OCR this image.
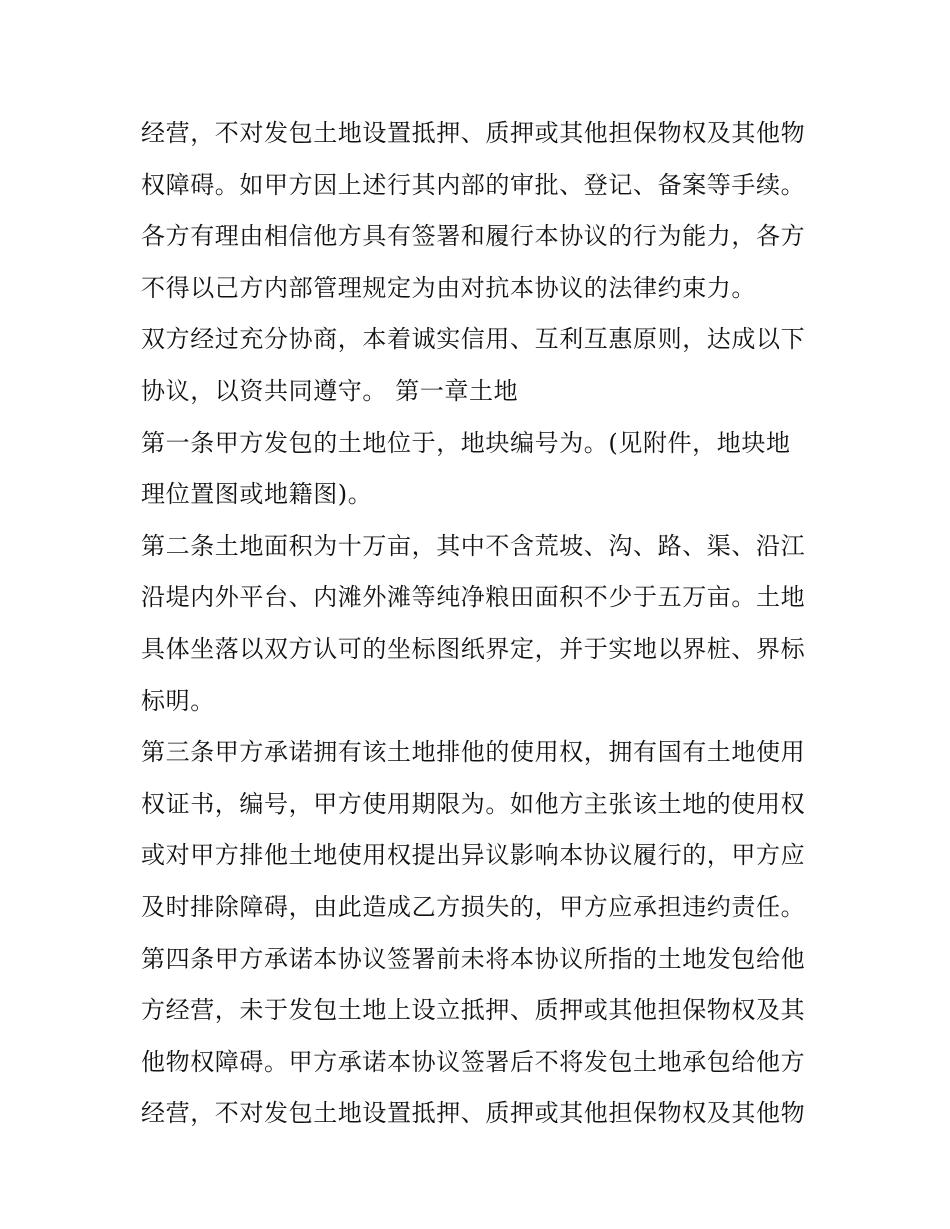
经营，不对发包土地设置抵押、质押或其他担保物权及其他物
权障碍。如甲方因上述行其内部的审批、登记、备案等手续。
各方有理由相信他方具有签署和履行本协议的行为能力，各方
不得以己方内部管理规定为由对抗本协议的法律约束力。
双方经过充分协商，本着诚实信用、互利互惠原则，达成以下
协议，以资共同遵守。 第一章土地
第一条甲方发包的土地位于，地块编号为。(见附件，地块地
理位置图或地籍图)。
第二条土地面积为十万亩，其中不含荒坡、沟、路、渠、沿江
沿堤内外平台、内滩外滩等纯净粮田面积不少于五万亩。土地
具体坐落以双方认可的坐标图纸界定，并于实地以界桩、界标
标明。
第三条甲方承诺拥有该土地排他的使用权，拥有国有土地使用
权证书，编号，甲方使用期限为。如他方主张该土地的使用权
或对甲方排他土地使用权提出异议影响本协议履行的，甲方应
及时排除障碍，由此造成乙方损失的，甲方应承担违约责任。
第四条甲方承诺本协议签署前未将本协议所指的土地发包给他
方经营，未于发包土地上设立抵押、质押或其他担保物权及其
他物权障碍。甲方承诺本协议签署后不将发包土地承包给他方
经营，不对发包土地设置抵押、质押或其他担保物权及其他物
